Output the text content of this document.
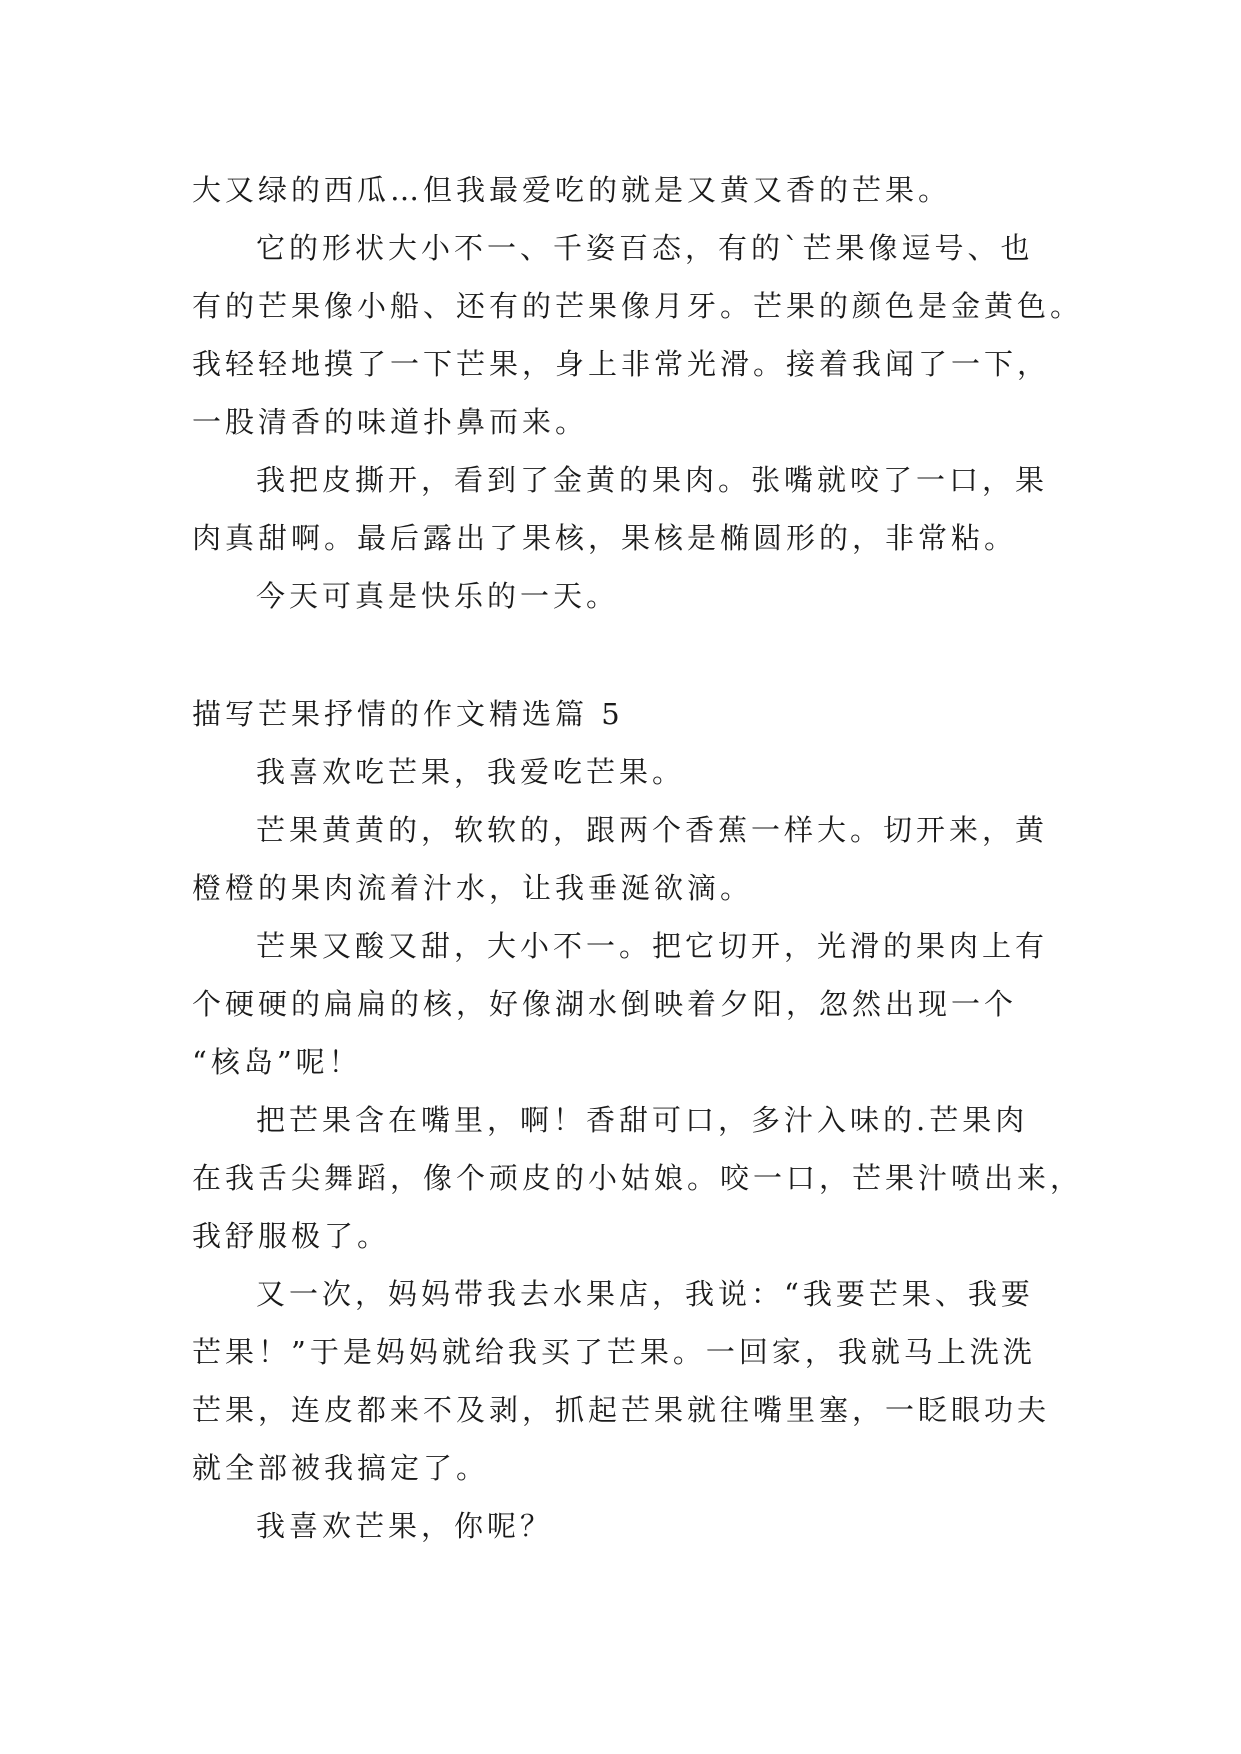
大又绿的西瓜…但我最爱吃的就是又黄又香的芒果。
它的形状大小不一、千姿百态，有的`芒果像逗号、也
有的芒果像小船、还有的芒果像月牙。芒果的颜色是金黄色。
我轻轻地摸了一下芒果，身上非常光滑。接着我闻了一下，
一股清香的味道扑鼻而来。
我把皮撕开，看到了金黄的果肉。张嘴就咬了一口，果
肉真甜啊。最后露出了果核，果核是椭圆形的，非常粘。
今天可真是快乐的一天。
描写芒果抒情的作文精选篇 5
我喜欢吃芒果，我爱吃芒果。
芒果黄黄的，软软的，跟两个香蕉一样大。切开来，黄
橙橙的果肉流着汁水，让我垂涎欲滴。
芒果又酸又甜，大小不一。把它切开，光滑的果肉上有
个硬硬的扁扁的核，好像湖水倒映着夕阳，忽然出现一个
“核岛”呢！
把芒果含在嘴里，啊！香甜可口，多汁入味的.芒果肉
在我舌尖舞蹈，像个顽皮的小姑娘。咬一口，芒果汁喷出来，
我舒服极了。
又一次，妈妈带我去水果店，我说：“我要芒果、我要
芒果！”于是妈妈就给我买了芒果。一回家，我就马上洗洗
芒果，连皮都来不及剥，抓起芒果就往嘴里塞，一眨眼功夫
就全部被我搞定了。
我喜欢芒果，你呢？
